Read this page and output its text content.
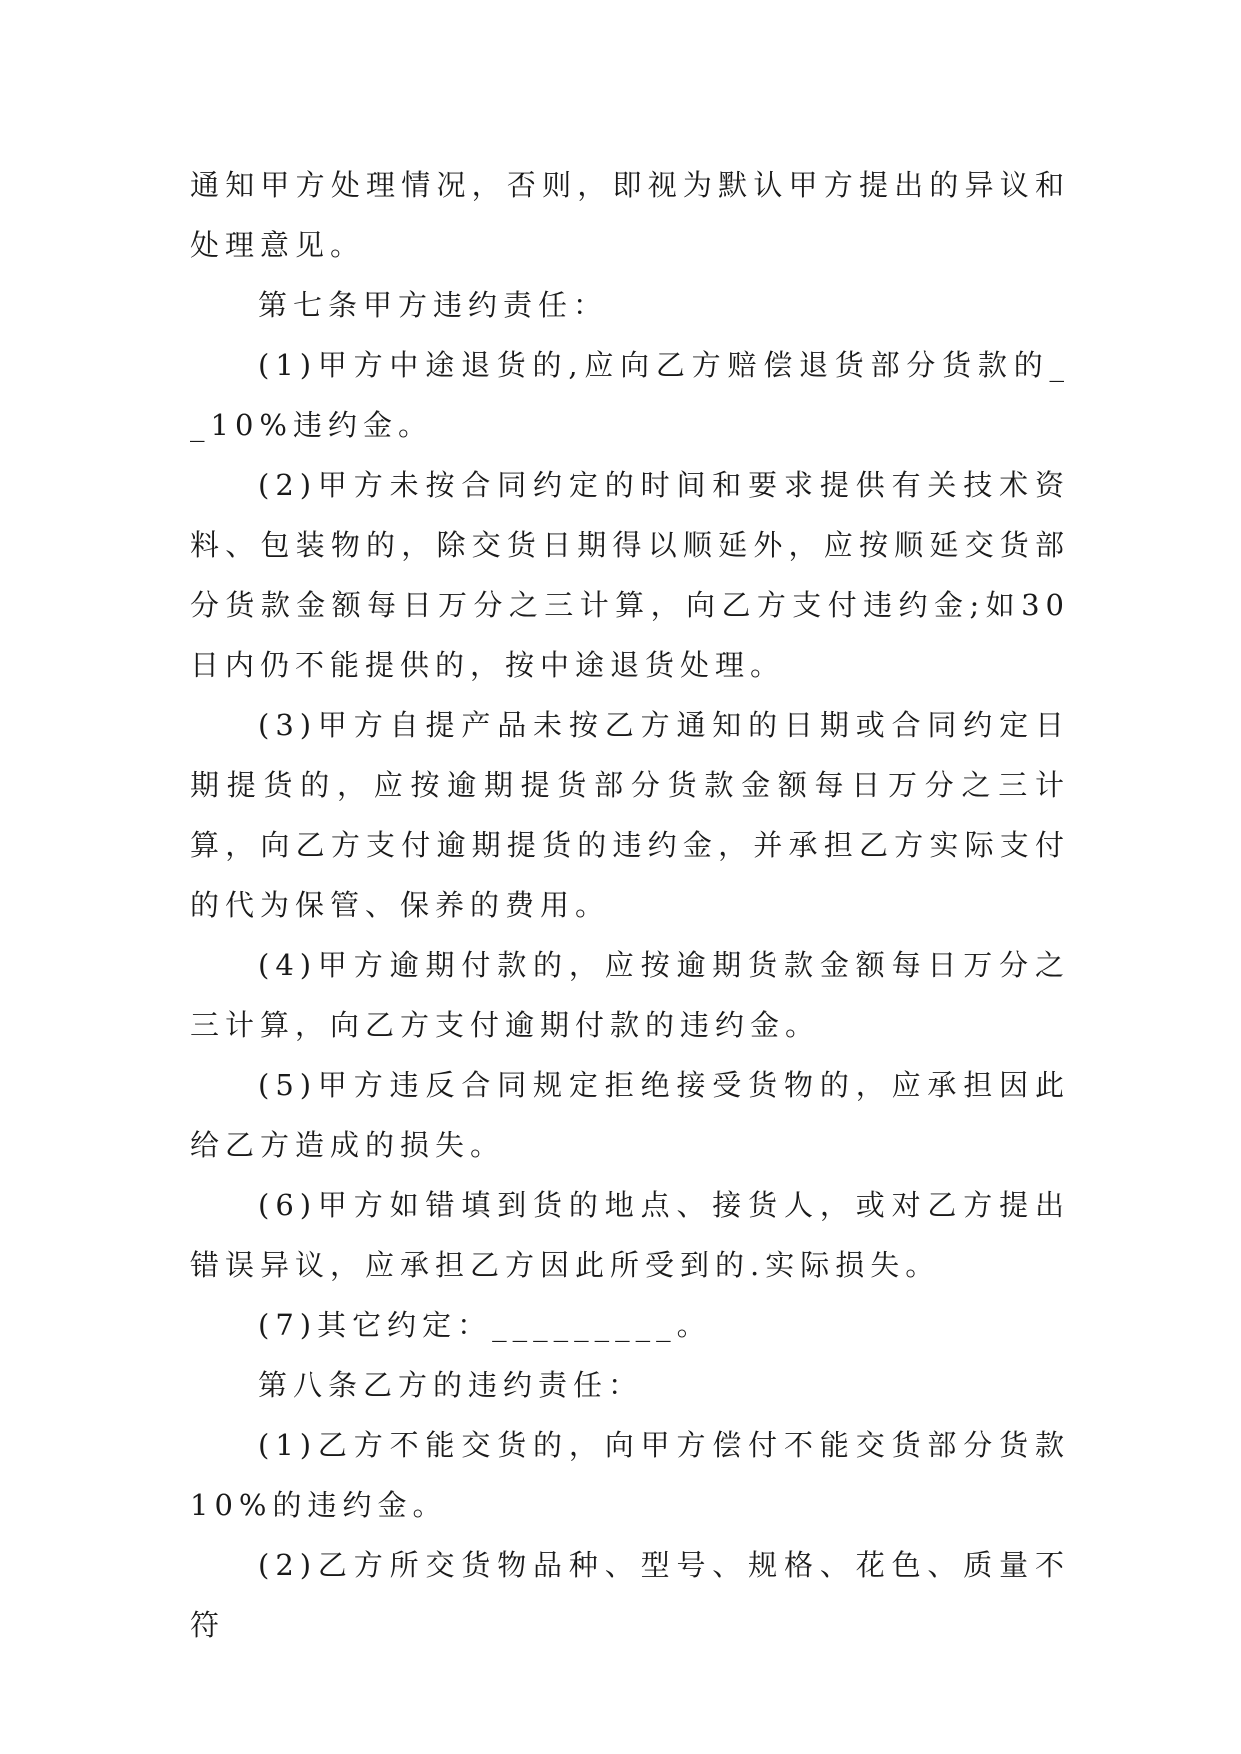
通知甲方处理情况，否则，即视为默认甲方提出的异议和处理意见。

第七条甲方违约责任：

(1)甲方中途退货的,应向乙方赔偿退货部分货款的__10%违约金。

(2)甲方未按合同约定的时间和要求提供有关技术资料、包装物的，除交货日期得以顺延外，应按顺延交货部分货款金额每日万分之三计算，向乙方支付违约金;如30日内仍不能提供的，按中途退货处理。

(3)甲方自提产品未按乙方通知的日期或合同约定日期提货的，应按逾期提货部分货款金额每日万分之三计算，向乙方支付逾期提货的违约金，并承担乙方实际支付的代为保管、保养的费用。

(4)甲方逾期付款的，应按逾期货款金额每日万分之三计算，向乙方支付逾期付款的违约金。

(5)甲方违反合同规定拒绝接受货物的，应承担因此给乙方造成的损失。

(6)甲方如错填到货的地点、接货人，或对乙方提出错误异议，应承担乙方因此所受到的.实际损失。

(7)其它约定：_________。

第八条乙方的违约责任：

(1)乙方不能交货的，向甲方偿付不能交货部分货款10%的违约金。

(2)乙方所交货物品种、型号、规格、花色、质量不符
